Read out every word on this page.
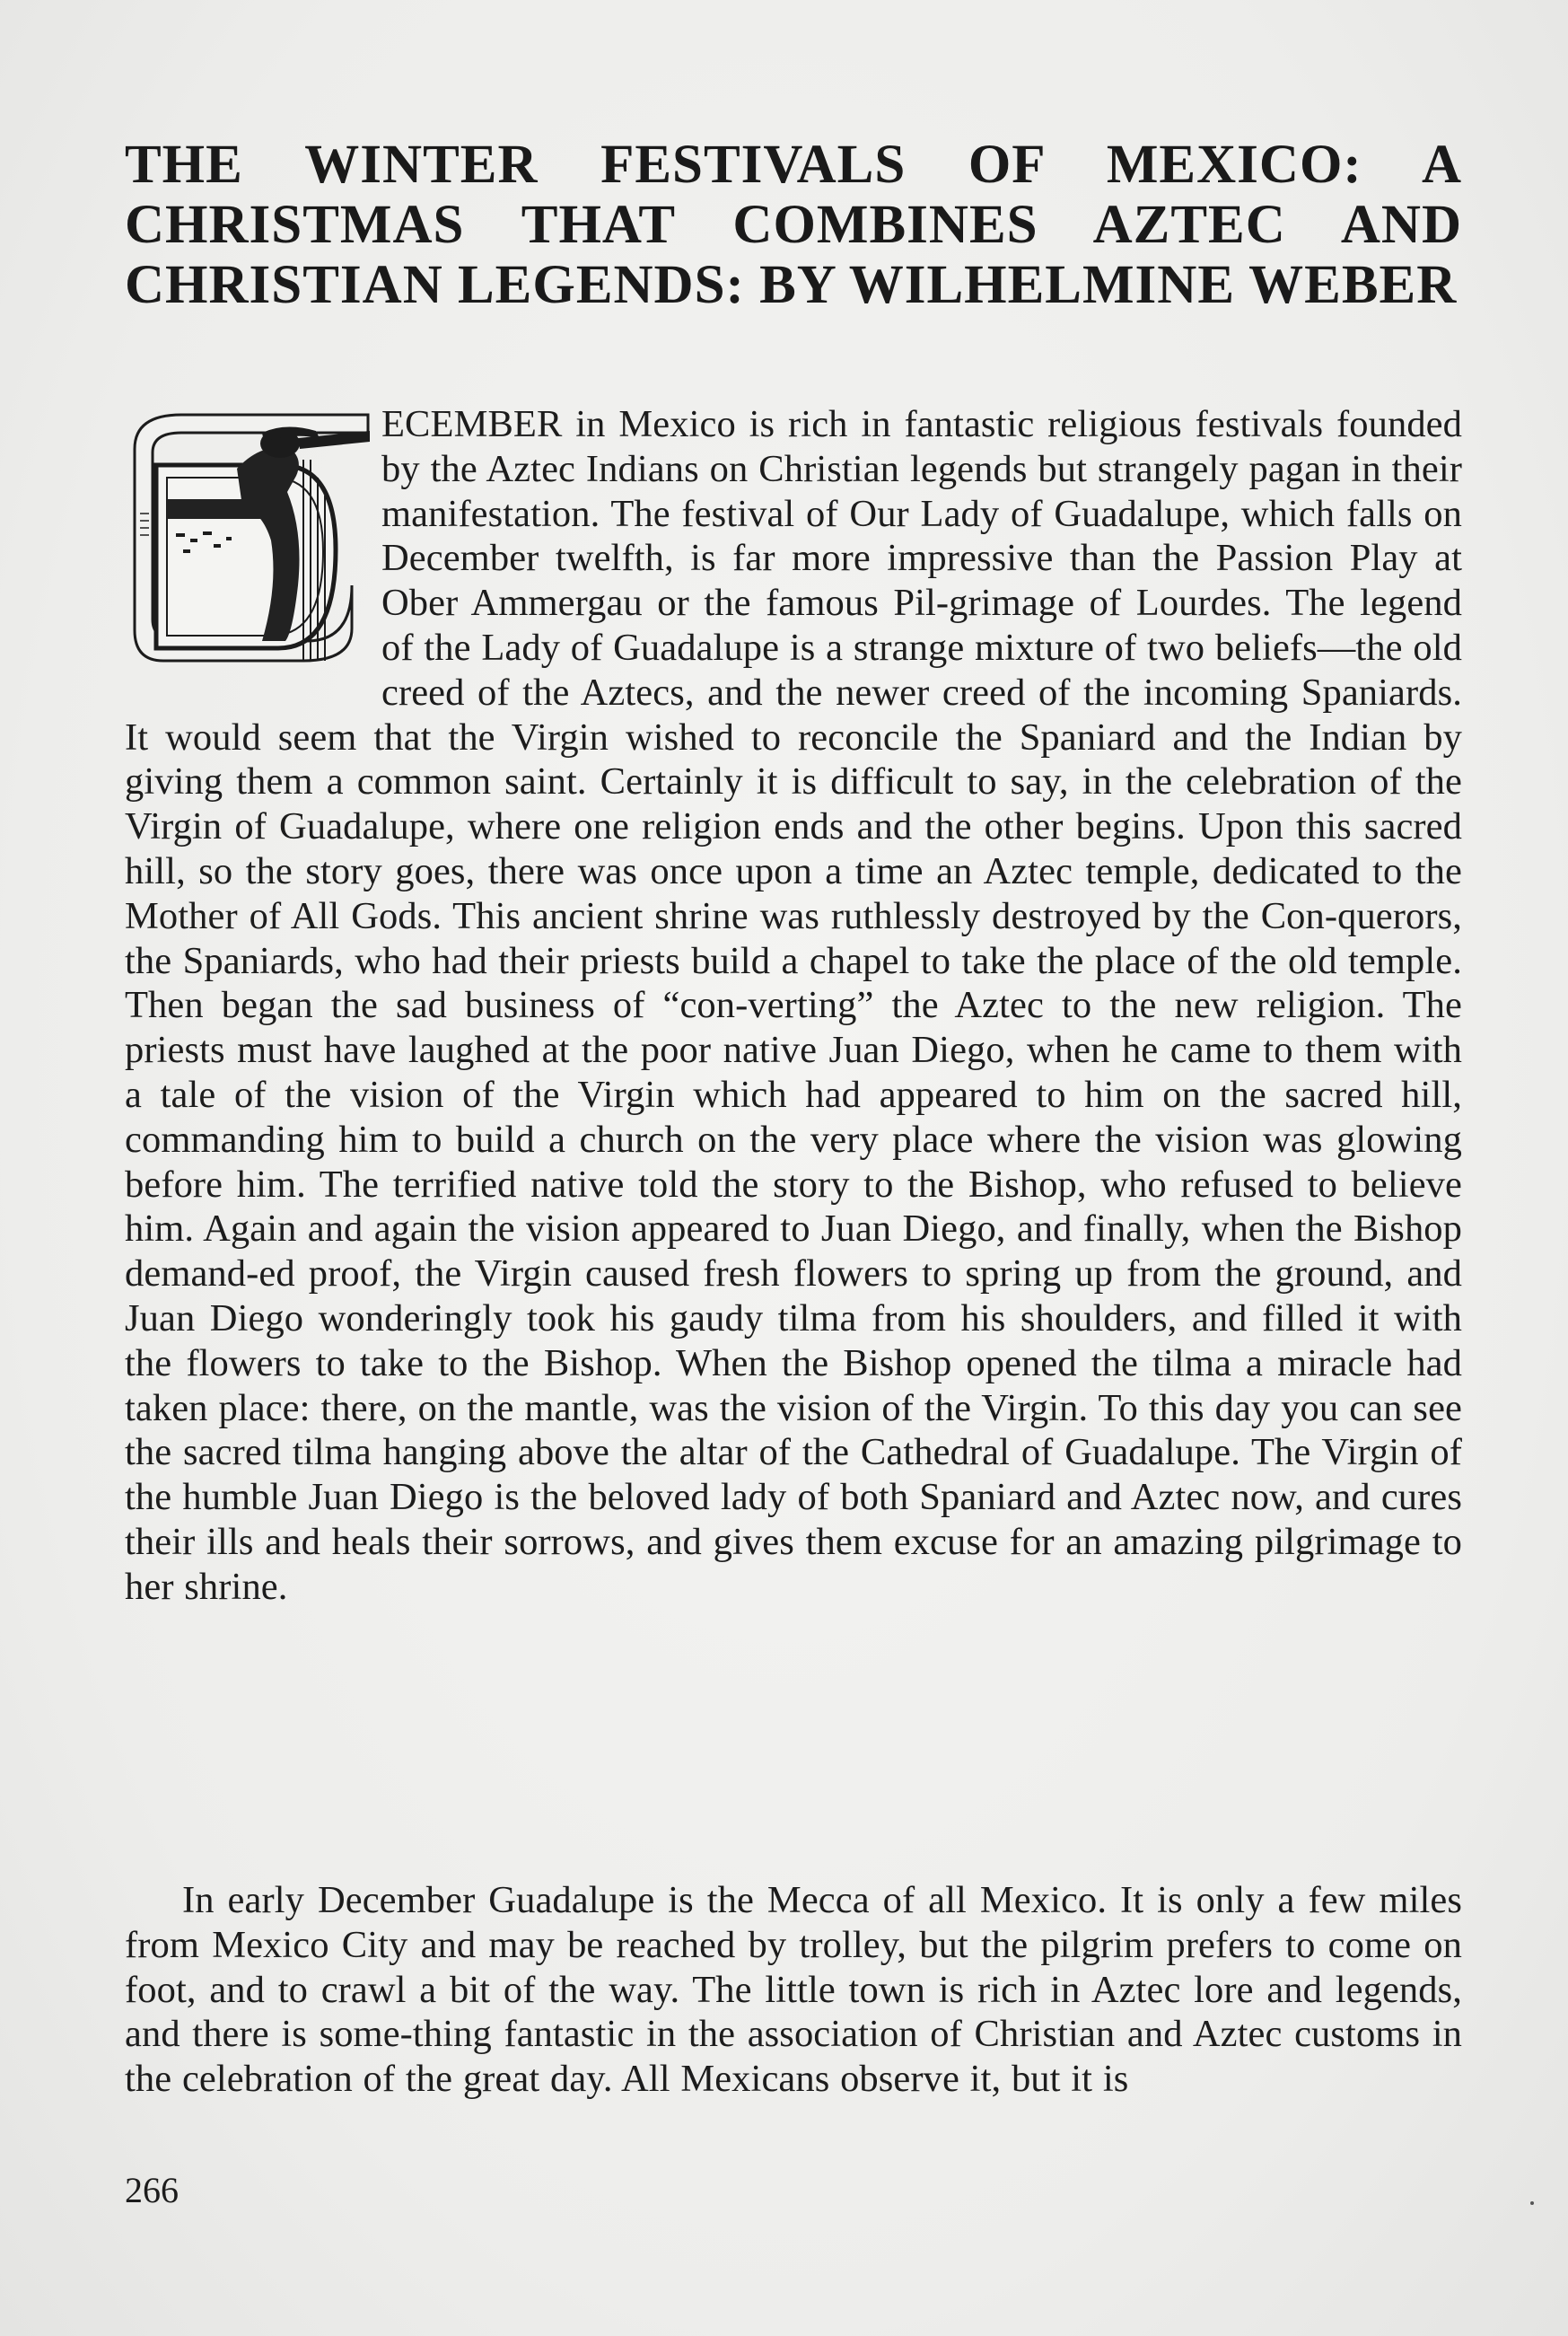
THE WINTER FESTIVALS OF MEXICO: A CHRISTMAS THAT COMBINES AZTEC AND CHRISTIAN LEGENDS: BY WILHELMINE WEBER

ECEMBER in Mexico is rich in fantastic religious festivals founded by the Aztec Indians on Christian legends but strangely pagan in their manifestation. The festival of Our Lady of Guadalupe, which falls on December twelfth, is far more impressive than the Passion Play at Ober Ammergau or the famous Pil-grimage of Lourdes. The legend of the Lady of Guadalupe is a strange mixture of two beliefs—the old creed of the Aztecs, and the newer creed of the incoming Spaniards. It would seem that the Virgin wished to reconcile the Spaniard and the Indian by giving them a common saint. Certainly it is difficult to say, in the celebration of the Virgin of Guadalupe, where one religion ends and the other begins. Upon this sacred hill, so the story goes, there was once upon a time an Aztec temple, dedicated to the Mother of All Gods. This ancient shrine was ruthlessly destroyed by the Con-querors, the Spaniards, who had their priests build a chapel to take the place of the old temple. Then began the sad business of “con-verting” the Aztec to the new religion. The priests must have laughed at the poor native Juan Diego, when he came to them with a tale of the vision of the Virgin which had appeared to him on the sacred hill, commanding him to build a church on the very place where the vision was glowing before him. The terrified native told the story to the Bishop, who refused to believe him. Again and again the vision appeared to Juan Diego, and finally, when the Bishop demand-ed proof, the Virgin caused fresh flowers to spring up from the ground, and Juan Diego wonderingly took his gaudy tilma from his shoulders, and filled it with the flowers to take to the Bishop. When the Bishop opened the tilma a miracle had taken place: there, on the mantle, was the vision of the Virgin. To this day you can see the sacred tilma hanging above the altar of the Cathedral of Guadalupe. The Virgin of the humble Juan Diego is the beloved lady of both Spaniard and Aztec now, and cures their ills and heals their sorrows, and gives them excuse for an amazing pilgrimage to her shrine.

In early December Guadalupe is the Mecca of all Mexico. It is only a few miles from Mexico City and may be reached by trolley, but the pilgrim prefers to come on foot, and to crawl a bit of the way. The little town is rich in Aztec lore and legends, and there is some-thing fantastic in the association of Christian and Aztec customs in the celebration of the great day. All Mexicans observe it, but it is

266
